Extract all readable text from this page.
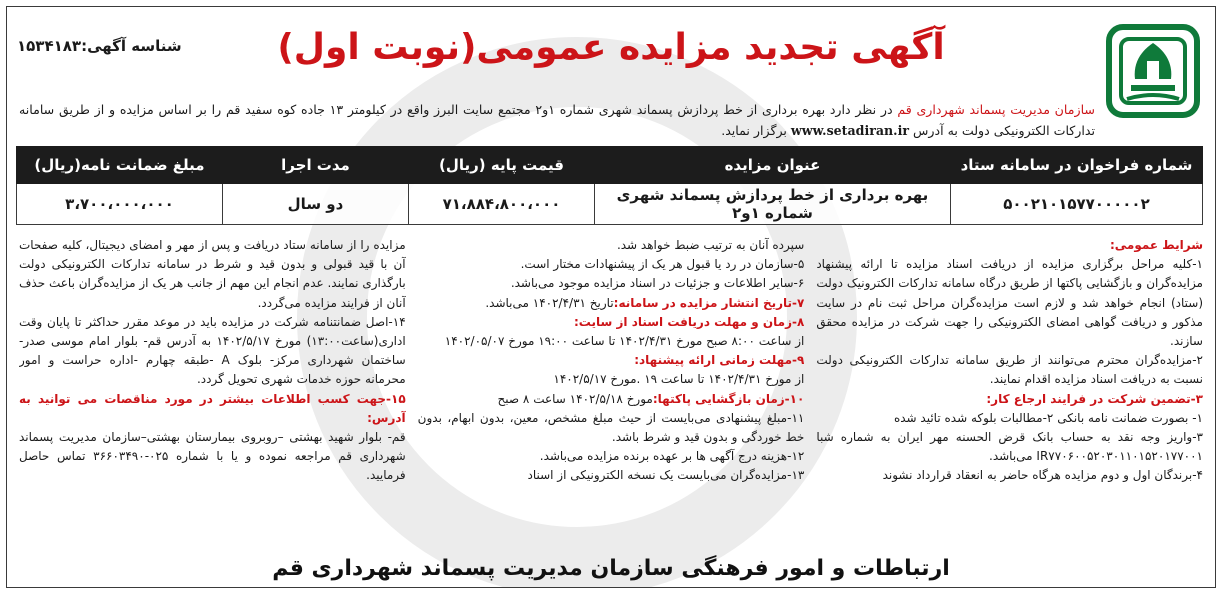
شناسه آگهی:۱۵۳۴۱۸۳	آگهی تجدید مزایده عمومی(نوبت اول)
سازمان مدیریت پسماند شهرداری قم در نظر دارد بهره برداری از خط پردازش پسماند شهری شماره ۱و۲ مجتمع سایت البرز واقع در کیلومتر ۱۳ جاده کوه سفید قم را بر اساس مزایده و از طریق سامانه تدارکات الکترونیکی دولت به آدرس www.setadiran.ir برگزار نماید.
شماره فراخوان در سامانه ستاد	عنوان مزایده	قیمت پایه (ریال)	مدت اجرا	مبلغ ضمانت نامه(ریال)
۵۰۰۲۱۰۱۵۷۷۰۰۰۰۰۲	بهره برداری از خط پردازش پسماند شهری شماره ۱و۲	۷۱،۸۸۴،۸۰۰،۰۰۰	دو سال	۳،۷۰۰،۰۰۰،۰۰۰

شرایط عمومی:

۱-کلیه مراحل برگزاری مزایده از دریافت اسناد مزایده تا ارائه پیشنهاد مزایده‌گران و بازگشایی پاکتها از طریق درگاه سامانه تدارکات الکترونیک دولت (ستاد) انجام خواهد شد و لازم است مزایده‌گران مراحل ثبت نام در سایت مذکور و دریافت گواهی امضای الکترونیکی را جهت شرکت در مزایده محقق سازند.

۲-مزایده‌گران محترم می‌توانند از طریق سامانه تدارکات الکترونیکی دولت نسبت به دریافت اسناد مزایده اقدام نمایند.

۳-تضمین شرکت در فرایند ارجاع کار:

۱- بصورت ضمانت نامه بانکی ۲-مطالبات بلوکه شده تائید شده

۳-واریز وجه نقد به حساب بانک قرض الحسنه مهر ایران به شماره شبا IR۷۷۰۶۰۰۵۲۰۳۰۱۱۰۱۵۲۰۱۷۷۰۰۱ می‌باشد.

۴-برندگان اول و دوم مزایده هرگاه حاضر به انعقاد قرارداد نشوند

سپرده آنان به ترتیب ضبط خواهد شد.

۵-سازمان در رد یا قبول هر یک از پیشنهادات مختار است.

۶-سایر اطلاعات و جزئیات در اسناد مزایده موجود می‌باشد.

۷-تاریخ انتشار مزایده در سامانه:تاریخ ۱۴۰۲/۴/۳۱ می‌باشد.

۸-زمان و مهلت دریافت اسناد از سایت:

از ساعت ۸:۰۰ صبح مورخ ۱۴۰۲/۴/۳۱ تا ساعت ۱۹:۰۰ مورخ ۱۴۰۲/۰۵/۰۷

۹-مهلت زمانی ارائه پیشنهاد:

از مورخ ۱۴۰۲/۴/۳۱ تا ساعت ۱۹ .مورخ ۱۴۰۲/۵/۱۷

۱۰-زمان بازگشایی پاکتها:مورخ ۱۴۰۲/۵/۱۸ ساعت ۸ صبح

۱۱-مبلغ پیشنهادی می‌بایست از حیث مبلغ مشخص، معین، بدون ابهام، بدون خط خوردگی و بدون قید و شرط باشد.

۱۲-هزینه درج آگهی ها بر عهده برنده مزایده می‌باشد.

۱۳-مزایده‌گران می‌بایست یک نسخه الکترونیکی از اسناد

مزایده را از سامانه ستاد دریافت و پس از مهر و امضای دیجیتال، کلیه صفحات آن با قید قبولی و بدون قید و شرط در سامانه تدارکات الکترونیکی دولت بارگذاری نمایند. عدم انجام این مهم از جانب هر یک از مزایده‌گران باعث حذف آنان از فرایند مزایده می‌گردد.

۱۴-اصل ضمانتنامه شرکت در مزایده باید در موعد مقرر حداکثر تا پایان وقت اداری(ساعت۱۳:۰۰) مورخ ۱۴۰۲/۵/۱۷ به آدرس قم- بلوار امام موسی صدر- ساختمان شهرداری مرکز- بلوک A -طبقه چهارم -اداره حراست و امور محرمانه حوزه خدمات شهری تحویل گردد.

۱۵-جهت کسب اطلاعات بیشتر در مورد مناقصات می توانید به آدرس:

قم- بلوار شهید بهشتی –روبروی بیمارستان بهشتی–سازمان مدیریت پسماند شهرداری قم مراجعه نموده و یا با شماره ۰۲۵-۳۶۶۰۳۴۹۰ تماس حاصل فرمایید.

ارتباطات و امور فرهنگی سازمان مدیریت پسماند شهرداری قم
